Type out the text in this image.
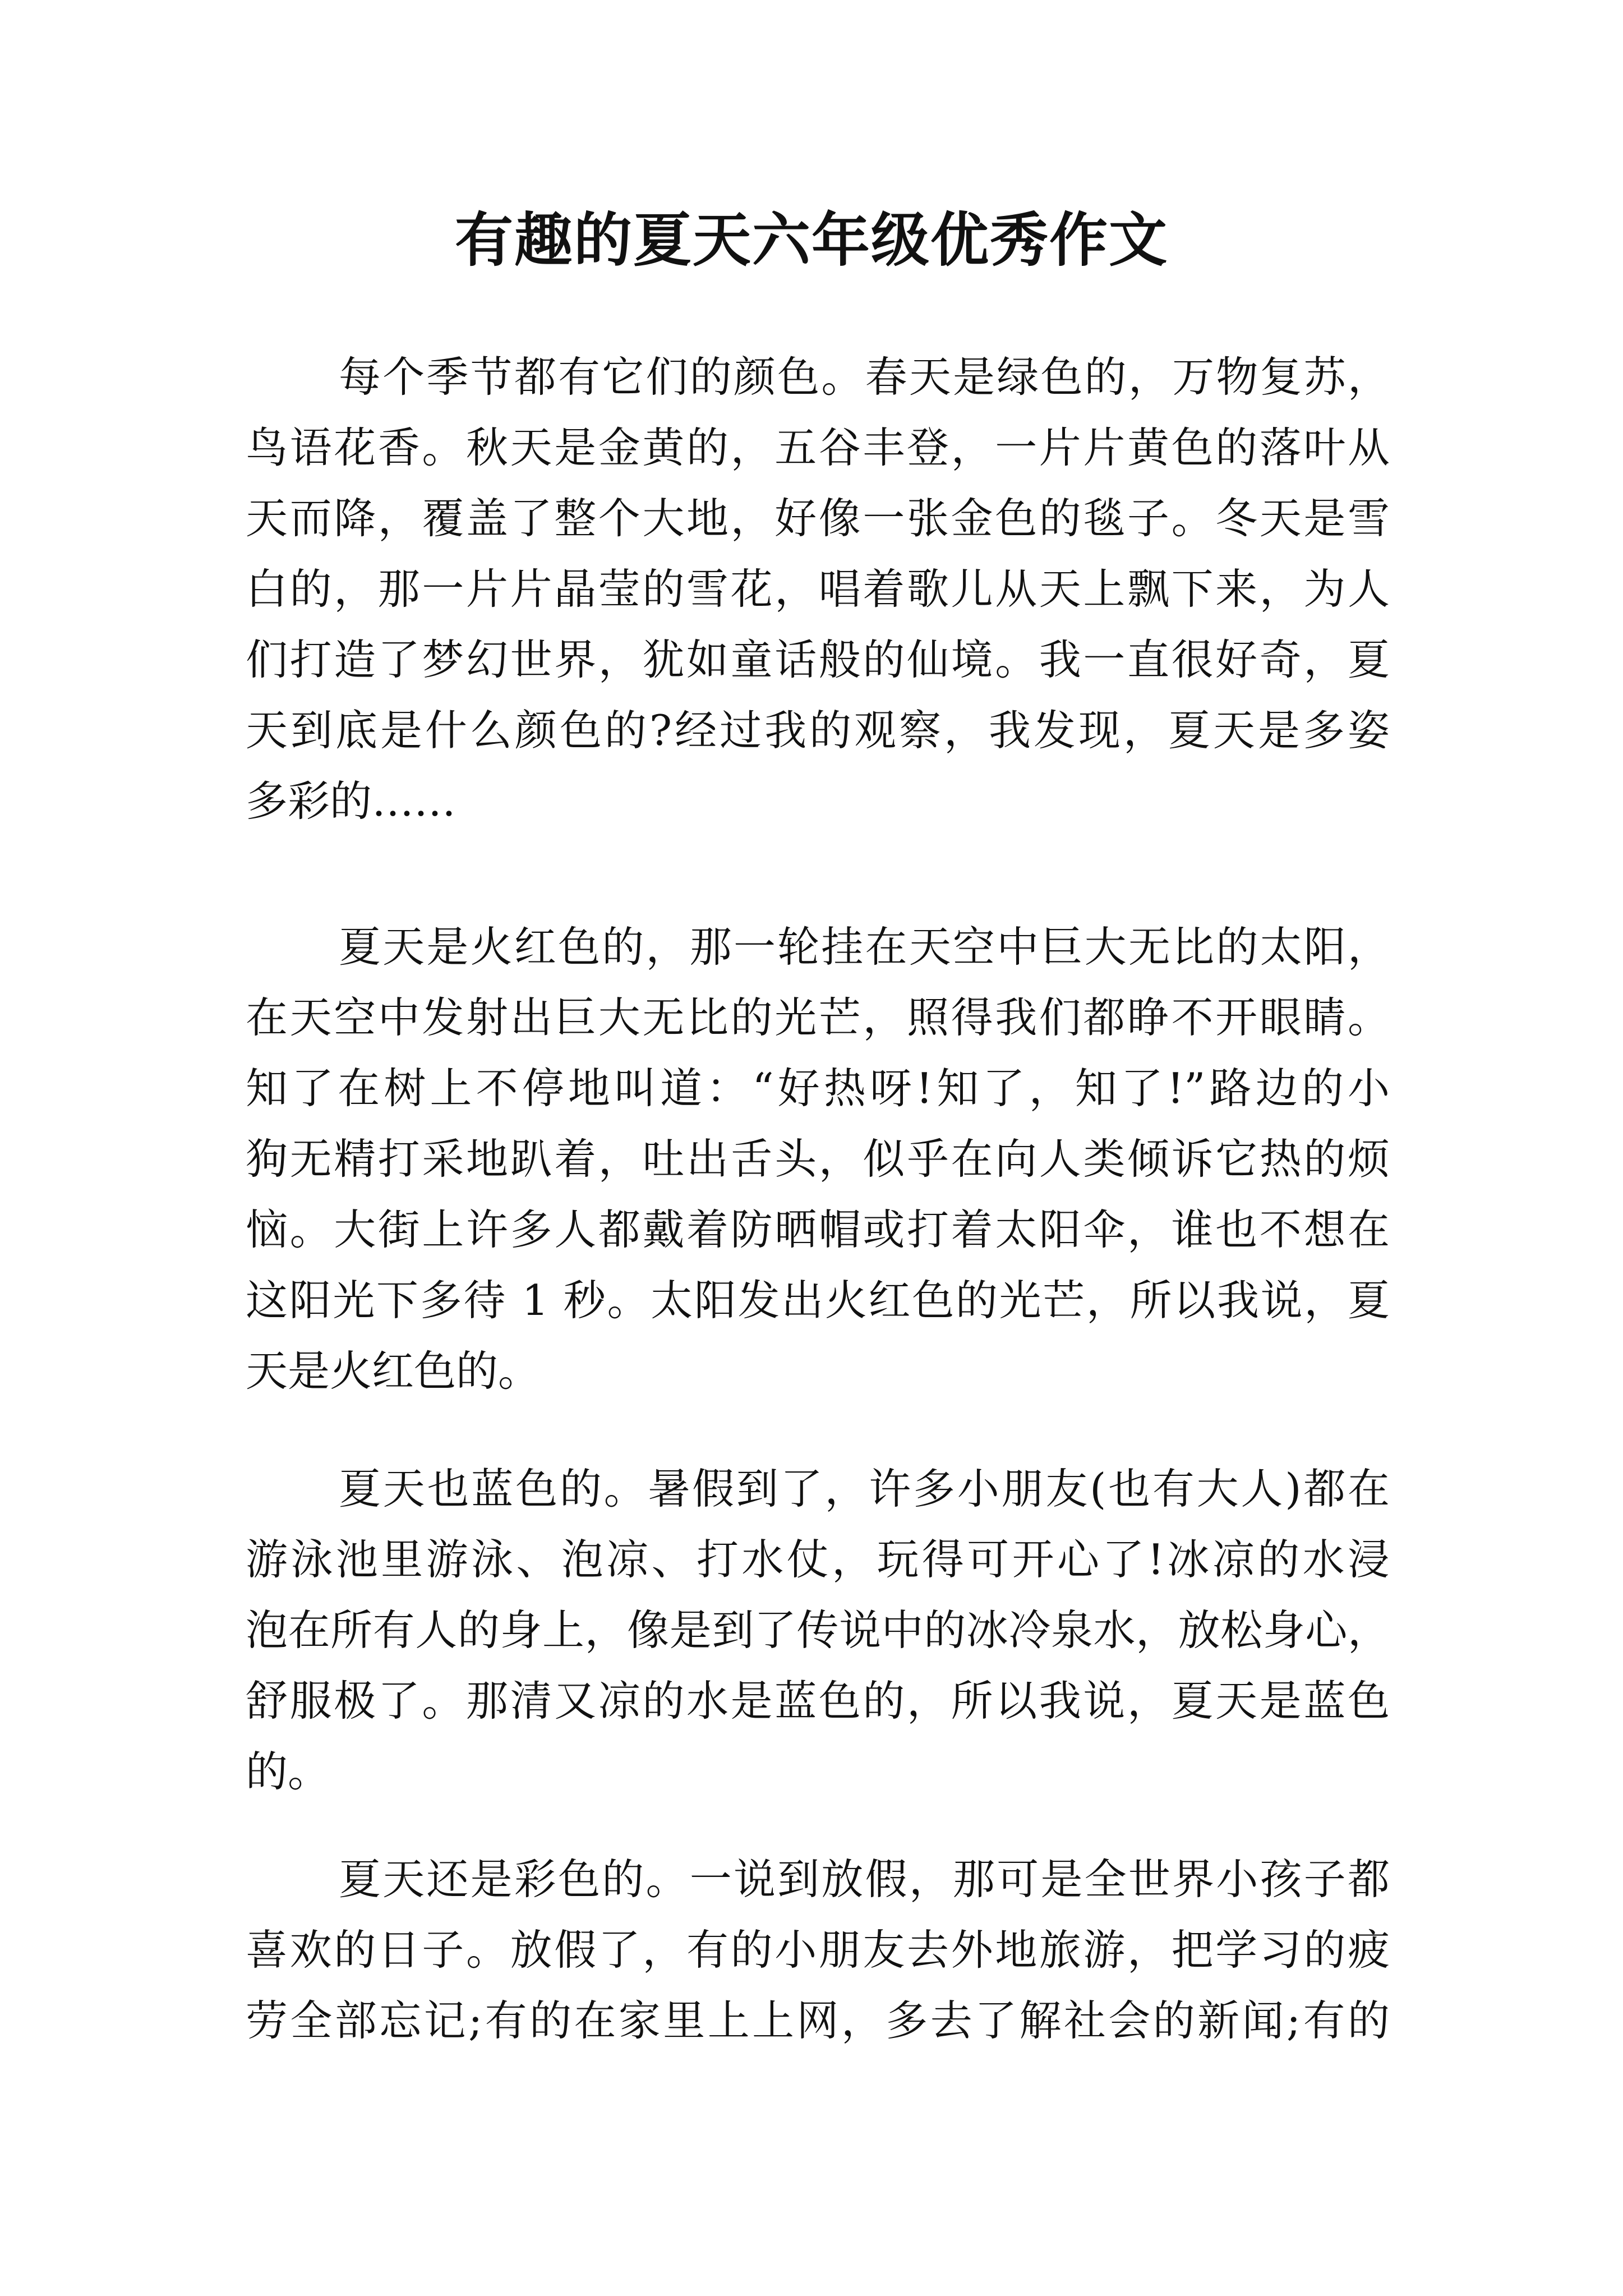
有趣的夏天六年级优秀作文
每个季节都有它们的颜色。春天是绿色的，万物复苏，
鸟语花香。秋天是金黄的，五谷丰登，一片片黄色的落叶从
天而降，覆盖了整个大地，好像一张金色的毯子。冬天是雪
白的，那一片片晶莹的雪花，唱着歌儿从天上飘下来，为人
们打造了梦幻世界，犹如童话般的仙境。我一直很好奇，夏
天到底是什么颜色的?经过我的观察，我发现，夏天是多姿
多彩的……
夏天是火红色的，那一轮挂在天空中巨大无比的太阳，
在天空中发射出巨大无比的光芒，照得我们都睁不开眼睛。
知了在树上不停地叫道：“好热呀!知了，知了!”路边的小
狗无精打采地趴着，吐出舌头，似乎在向人类倾诉它热的烦
恼。大街上许多人都戴着防晒帽或打着太阳伞，谁也不想在
这阳光下多待 1 秒。太阳发出火红色的光芒，所以我说，夏
天是火红色的。
夏天也蓝色的。暑假到了，许多小朋友(也有大人)都在
游泳池里游泳、泡凉、打水仗，玩得可开心了!冰凉的水浸
泡在所有人的身上，像是到了传说中的冰冷泉水，放松身心，
舒服极了。那清又凉的水是蓝色的，所以我说，夏天是蓝色
的。
夏天还是彩色的。一说到放假，那可是全世界小孩子都
喜欢的日子。放假了，有的小朋友去外地旅游，把学习的疲
劳全部忘记;有的在家里上上网，多去了解社会的新闻;有的
